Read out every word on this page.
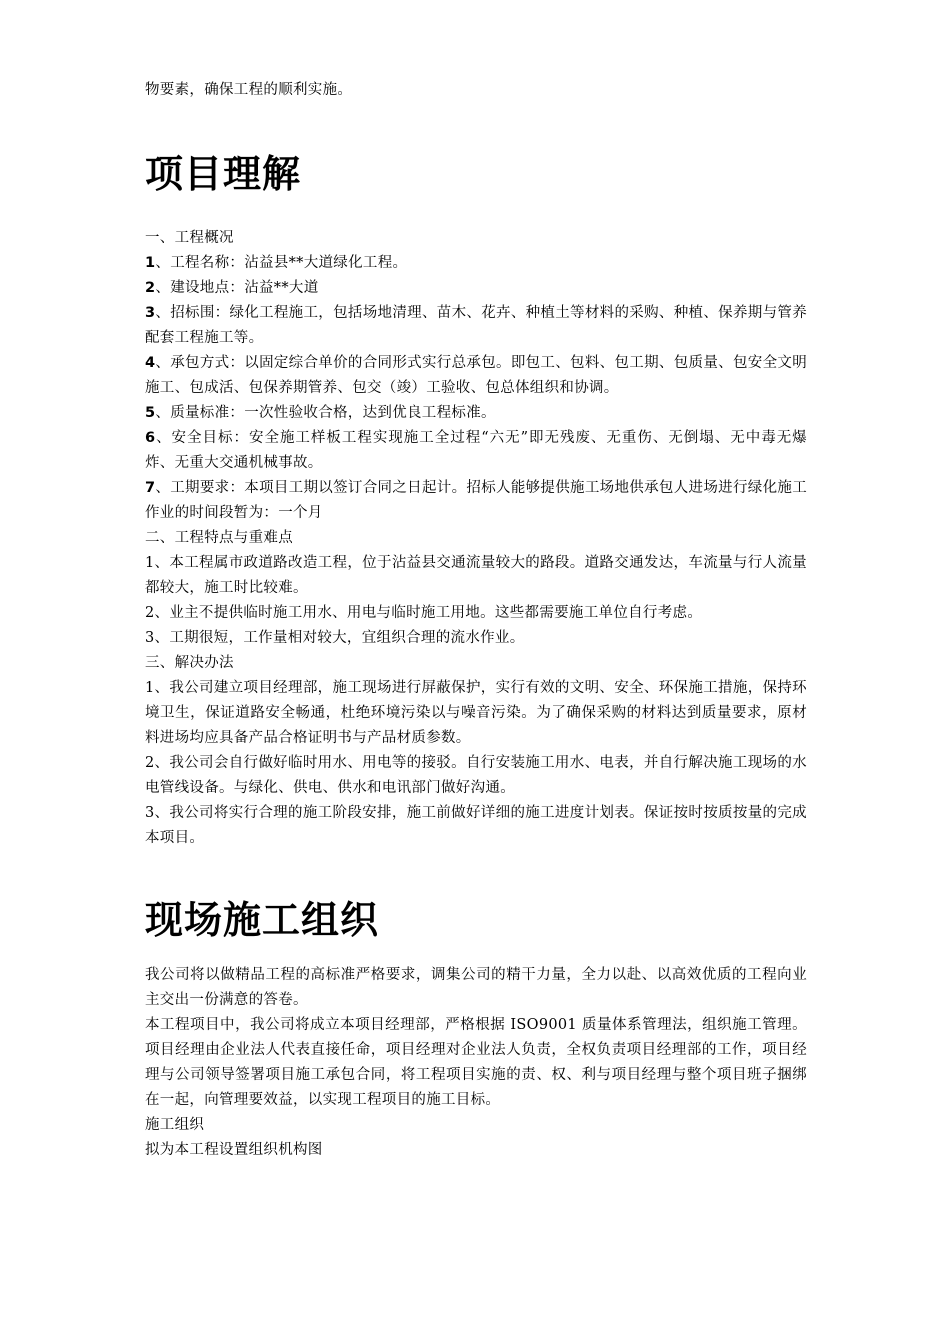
物要素，确保工程的顺利实施。

项目理解

一、工程概况

1、工程名称：沾益县**大道绿化工程。

2、建设地点：沾益**大道

3、招标围：绿化工程施工，包括场地清理、苗木、花卉、种植土等材料的采购、种植、保养期与管养配套工程施工等。

4、承包方式：以固定综合单价的合同形式实行总承包。即包工、包料、包工期、包质量、包安全文明施工、包成活、包保养期管养、包交（竣）工验收、包总体组织和协调。

5、质量标准：一次性验收合格，达到优良工程标准。

6、安全目标：安全施工样板工程实现施工全过程“六无”即无残废、无重伤、无倒塌、无中毒无爆炸、无重大交通机械事故。

7、工期要求：本项目工期以签订合同之日起计。招标人能够提供施工场地供承包人进场进行绿化施工作业的时间段暂为：一个月

二、工程特点与重难点

1、本工程属市政道路改造工程，位于沾益县交通流量较大的路段。道路交通发达，车流量与行人流量都较大，施工时比较难。

2、业主不提供临时施工用水、用电与临时施工用地。这些都需要施工单位自行考虑。

3、工期很短，工作量相对较大，宜组织合理的流水作业。

三、解决办法

1、我公司建立项目经理部，施工现场进行屏蔽保护，实行有效的文明、安全、环保施工措施，保持环境卫生，保证道路安全畅通，杜绝环境污染以与噪音污染。为了确保采购的材料达到质量要求，原材料进场均应具备产品合格证明书与产品材质参数。

2、我公司会自行做好临时用水、用电等的接驳。自行安装施工用水、电表，并自行解决施工现场的水电管线设备。与绿化、供电、供水和电讯部门做好沟通。

3、我公司将实行合理的施工阶段安排，施工前做好详细的施工进度计划表。保证按时按质按量的完成本项目。

现场施工组织

我公司将以做精品工程的高标准严格要求，调集公司的精干力量，全力以赴、以高效优质的工程向业主交出一份满意的答卷。

本工程项目中，我公司将成立本项目经理部，严格根据 ISO9001 质量体系管理法，组织施工管理。项目经理由企业法人代表直接任命，项目经理对企业法人负责，全权负责项目经理部的工作，项目经理与公司领导签署项目施工承包合同，将工程项目实施的责、权、利与项目经理与整个项目班子捆绑在一起，向管理要效益，以实现工程项目的施工目标。

施工组织

拟为本工程设置组织机构图
